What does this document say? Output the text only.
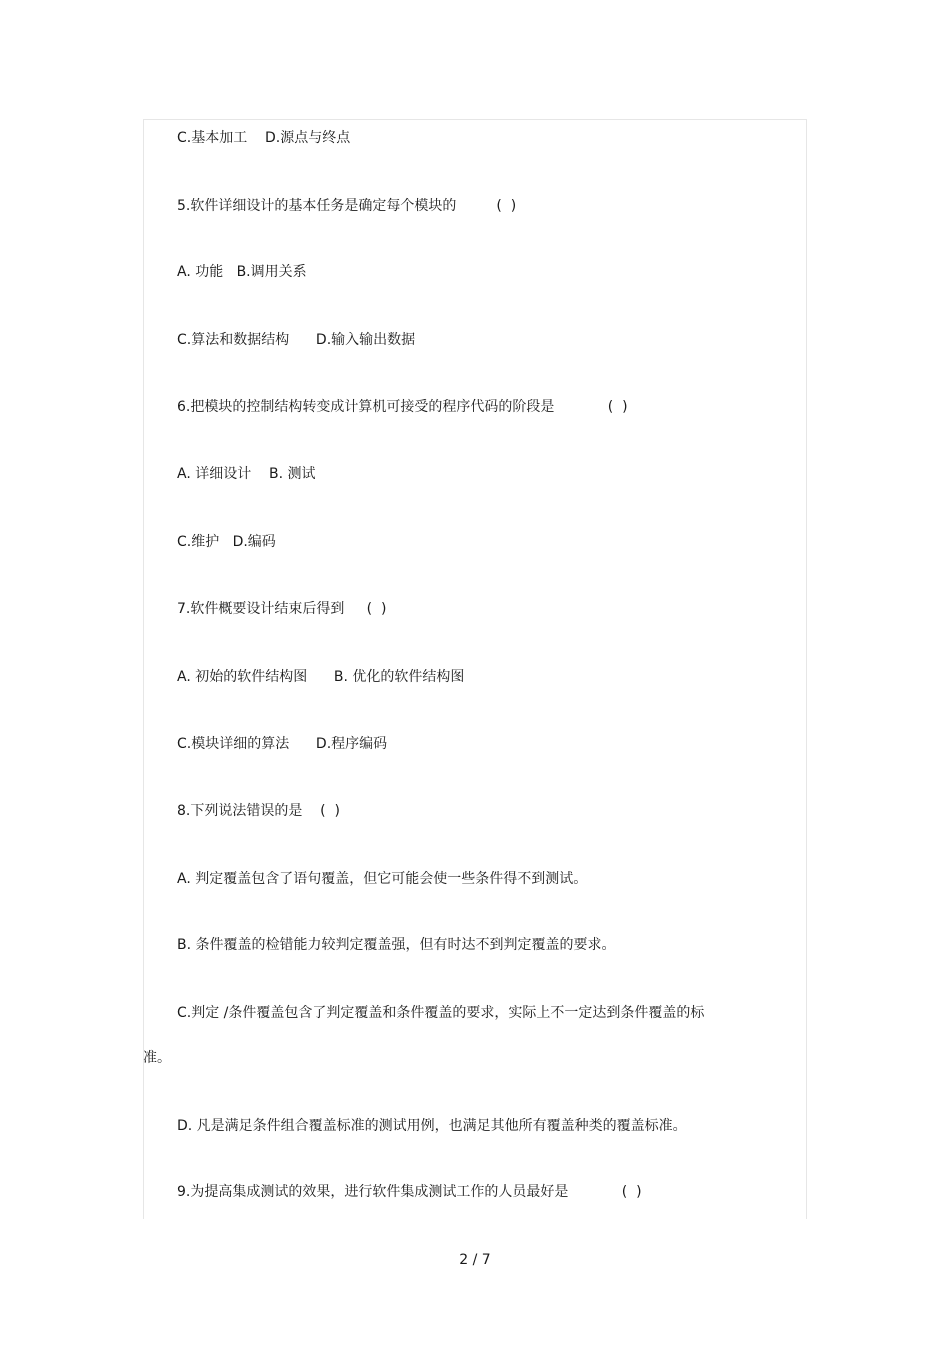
C.基本加工    D.源点与终点
5.软件详细设计的基本任务是确定每个模块的         (  )
A. 功能   B.调用关系
C.算法和数据结构      D.输入输出数据
6.把模块的控制结构转变成计算机可接受的程序代码的阶段是            (  )
A. 详细设计    B. 测试
C.维护   D.编码
7.软件概要设计结束后得到     (  )
A. 初始的软件结构图      B. 优化的软件结构图
C.模块详细的算法      D.程序编码
8.下列说法错误的是    (  )
A. 判定覆盖包含了语句覆盖，但它可能会使一些条件得不到测试。
B. 条件覆盖的检错能力较判定覆盖强，但有时达不到判定覆盖的要求。
C.判定 /条件覆盖包含了判定覆盖和条件覆盖的要求，实际上不一定达到条件覆盖的标
准。
D. 凡是满足条件组合覆盖标准的测试用例，也满足其他所有覆盖种类的覆盖标准。
9.为提高集成测试的效果，进行软件集成测试工作的人员最好是            (  )
2 / 7
